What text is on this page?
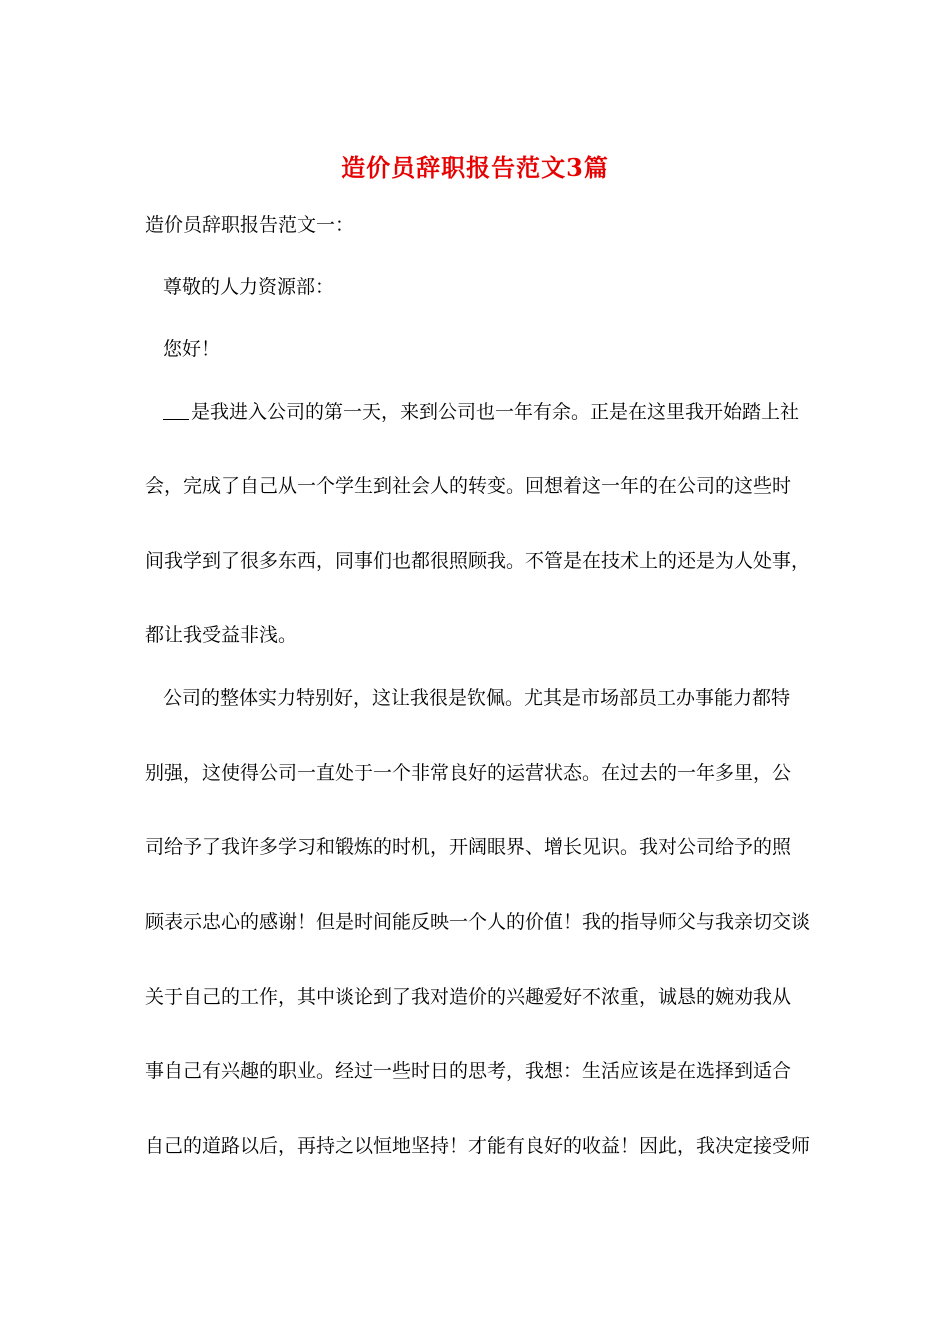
造价员辞职报告范文3篇
造价员辞职报告范文一：
尊敬的人力资源部：
您好！
是我进入公司的第一天，来到公司也一年有余。正是在这里我开始踏上社
会，完成了自己从一个学生到社会人的转变。回想着这一年的在公司的这些时
间我学到了很多东西，同事们也都很照顾我。不管是在技术上的还是为人处事，
都让我受益非浅。
公司的整体实力特别好，这让我很是钦佩。尤其是市场部员工办事能力都特
别强，这使得公司一直处于一个非常良好的运营状态。在过去的一年多里，公
司给予了我许多学习和锻炼的时机，开阔眼界、增长见识。我对公司给予的照
顾表示忠心的感谢！但是时间能反映一个人的价值！我的指导师父与我亲切交谈
关于自己的工作，其中谈论到了我对造价的兴趣爱好不浓重，诚恳的婉劝我从
事自己有兴趣的职业。经过一些时日的思考，我想：生活应该是在选择到适合
自己的道路以后，再持之以恒地坚持！才能有良好的收益！因此，我决定接受师
